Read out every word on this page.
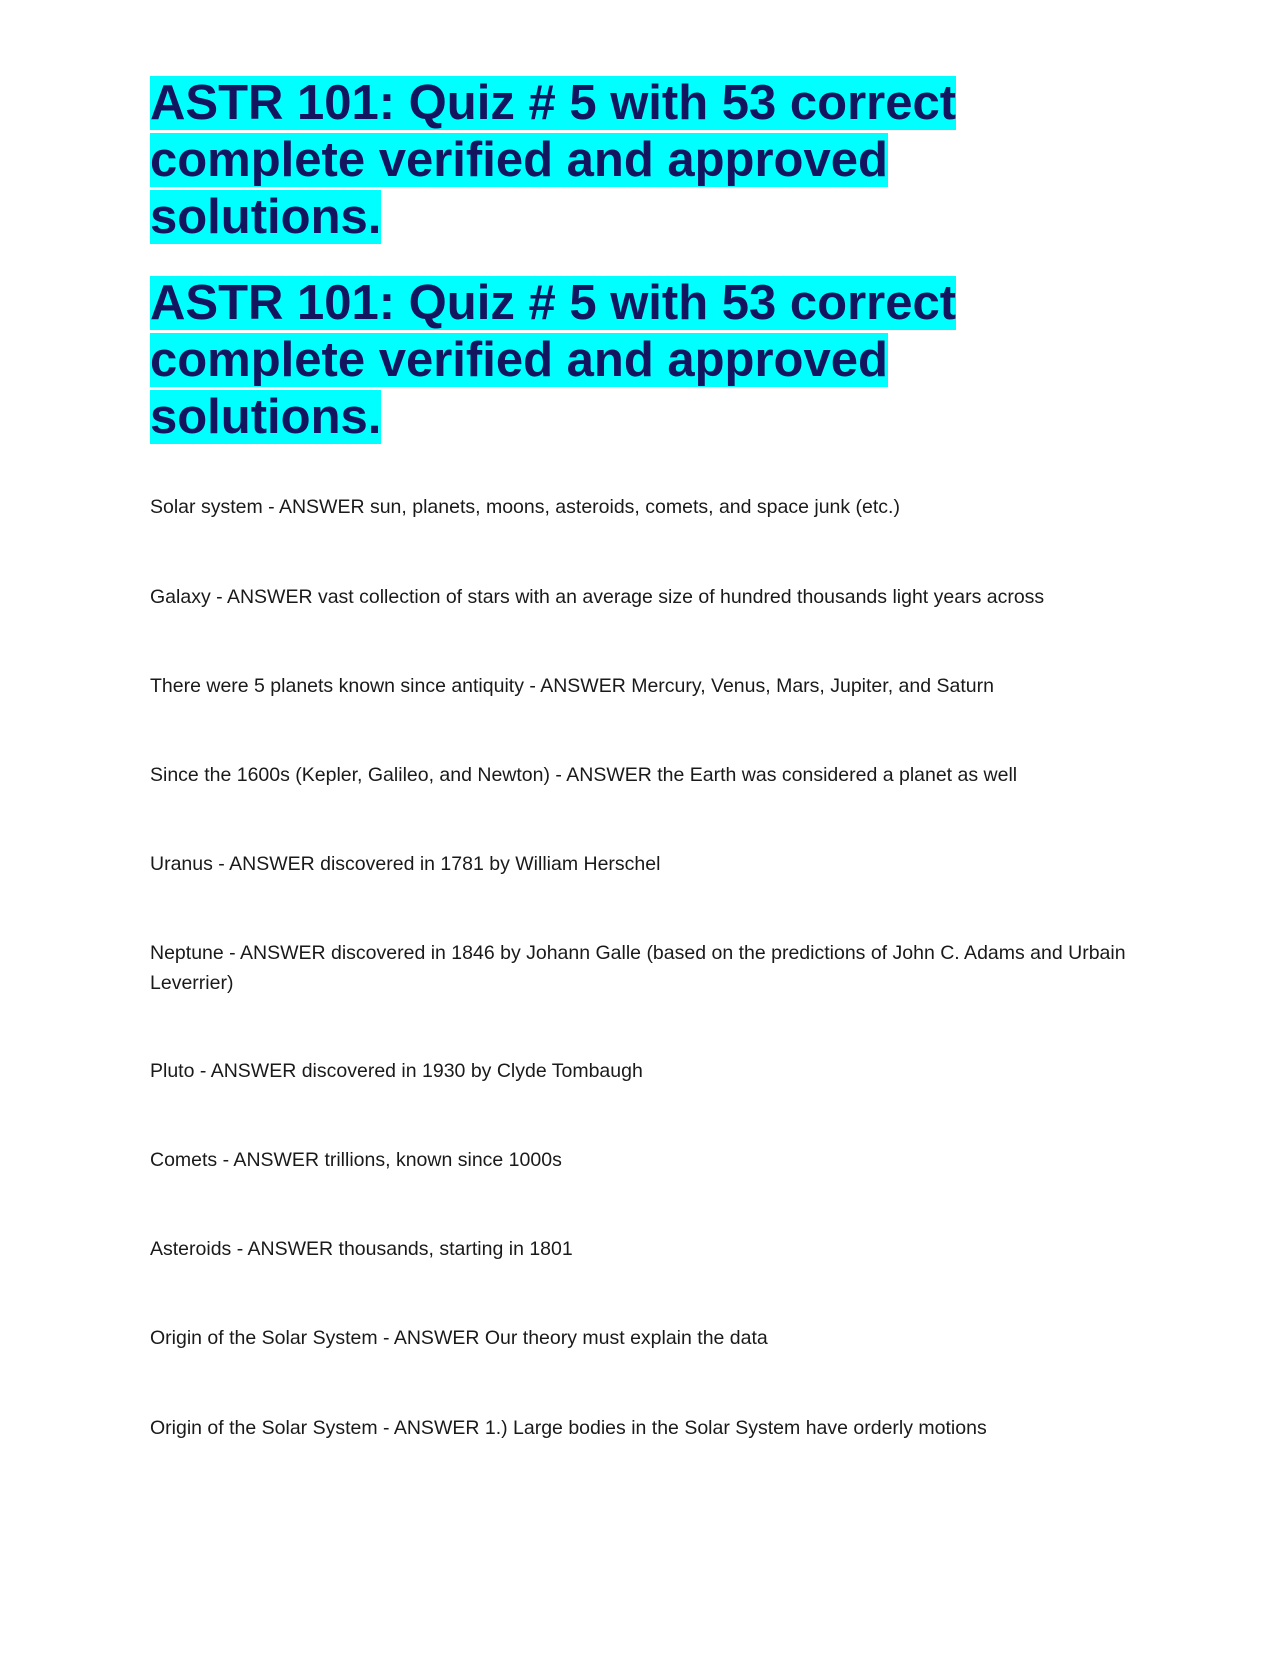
ASTR 101: Quiz # 5 with 53 correct complete verified and approved solutions.
ASTR 101: Quiz # 5 with 53 correct complete verified and approved solutions.

Solar system - ANSWER sun, planets, moons, asteroids, comets, and space junk (etc.)

Galaxy - ANSWER vast collection of stars with an average size of hundred thousands light years across

There were 5 planets known since antiquity - ANSWER Mercury, Venus, Mars, Jupiter, and Saturn

Since the 1600s (Kepler, Galileo, and Newton) - ANSWER the Earth was considered a planet as well

Uranus - ANSWER discovered in 1781 by William Herschel

Neptune - ANSWER discovered in 1846 by Johann Galle (based on the predictions of John C. Adams and Urbain Leverrier)

Pluto - ANSWER discovered in 1930 by Clyde Tombaugh

Comets - ANSWER trillions, known since 1000s

Asteroids - ANSWER thousands, starting in 1801

Origin of the Solar System - ANSWER Our theory must explain the data

Origin of the Solar System - ANSWER 1.) Large bodies in the Solar System have orderly motions
